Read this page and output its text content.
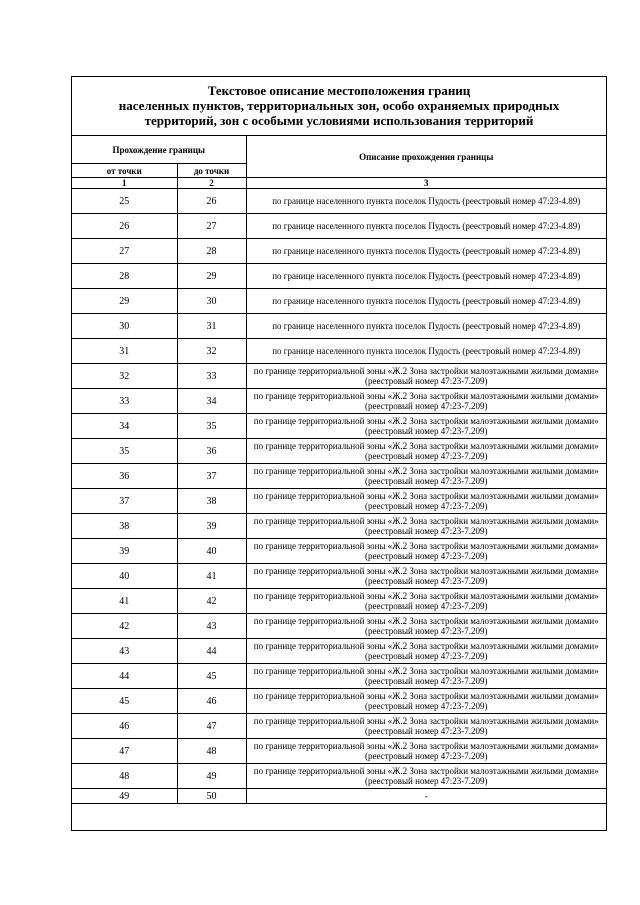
Текстовое описание местоположения границ
населенных пунктов, территориальных зон, особо охраняемых природных
территорий, зон с особыми условиями использования территорий
Прохождение границы		Описание прохождения границы
от точки	до точки	
1	2	3
25	26	по границе населенного пункта поселок Пудость (реестровый номер 47:23-4.89)
26	27	по границе населенного пункта поселок Пудость (реестровый номер 47:23-4.89)
27	28	по границе населенного пункта поселок Пудость (реестровый номер 47:23-4.89)
28	29	по границе населенного пункта поселок Пудость (реестровый номер 47:23-4.89)
29	30	по границе населенного пункта поселок Пудость (реестровый номер 47:23-4.89)
30	31	по границе населенного пункта поселок Пудость (реестровый номер 47:23-4.89)
31	32	по границе населенного пункта поселок Пудость (реестровый номер 47:23-4.89)
32	33	по границе территориальной зоны «Ж.2 Зона застройки малоэтажными жилыми домами» (реестровый номер 47:23-7.209)
33	34	по границе территориальной зоны «Ж.2 Зона застройки малоэтажными жилыми домами» (реестровый номер 47:23-7.209)
34	35	по границе территориальной зоны «Ж.2 Зона застройки малоэтажными жилыми домами» (реестровый номер 47:23-7.209)
35	36	по границе территориальной зоны «Ж.2 Зона застройки малоэтажными жилыми домами» (реестровый номер 47:23-7.209)
36	37	по границе территориальной зоны «Ж.2 Зона застройки малоэтажными жилыми домами» (реестровый номер 47:23-7.209)
37	38	по границе территориальной зоны «Ж.2 Зона застройки малоэтажными жилыми домами» (реестровый номер 47:23-7.209)
38	39	по границе территориальной зоны «Ж.2 Зона застройки малоэтажными жилыми домами» (реестровый номер 47:23-7.209)
39	40	по границе территориальной зоны «Ж.2 Зона застройки малоэтажными жилыми домами» (реестровый номер 47:23-7.209)
40	41	по границе территориальной зоны «Ж.2 Зона застройки малоэтажными жилыми домами» (реестровый номер 47:23-7.209)
41	42	по границе территориальной зоны «Ж.2 Зона застройки малоэтажными жилыми домами» (реестровый номер 47:23-7.209)
42	43	по границе территориальной зоны «Ж.2 Зона застройки малоэтажными жилыми домами» (реестровый номер 47:23-7.209)
43	44	по границе территориальной зоны «Ж.2 Зона застройки малоэтажными жилыми домами» (реестровый номер 47:23-7.209)
44	45	по границе территориальной зоны «Ж.2 Зона застройки малоэтажными жилыми домами» (реестровый номер 47:23-7.209)
45	46	по границе территориальной зоны «Ж.2 Зона застройки малоэтажными жилыми домами» (реестровый номер 47:23-7.209)
46	47	по границе территориальной зоны «Ж.2 Зона застройки малоэтажными жилыми домами» (реестровый номер 47:23-7.209)
47	48	по границе территориальной зоны «Ж.2 Зона застройки малоэтажными жилыми домами» (реестровый номер 47:23-7.209)
48	49	по границе территориальной зоны «Ж.2 Зона застройки малоэтажными жилыми домами» (реестровый номер 47:23-7.209)
49	50	-
